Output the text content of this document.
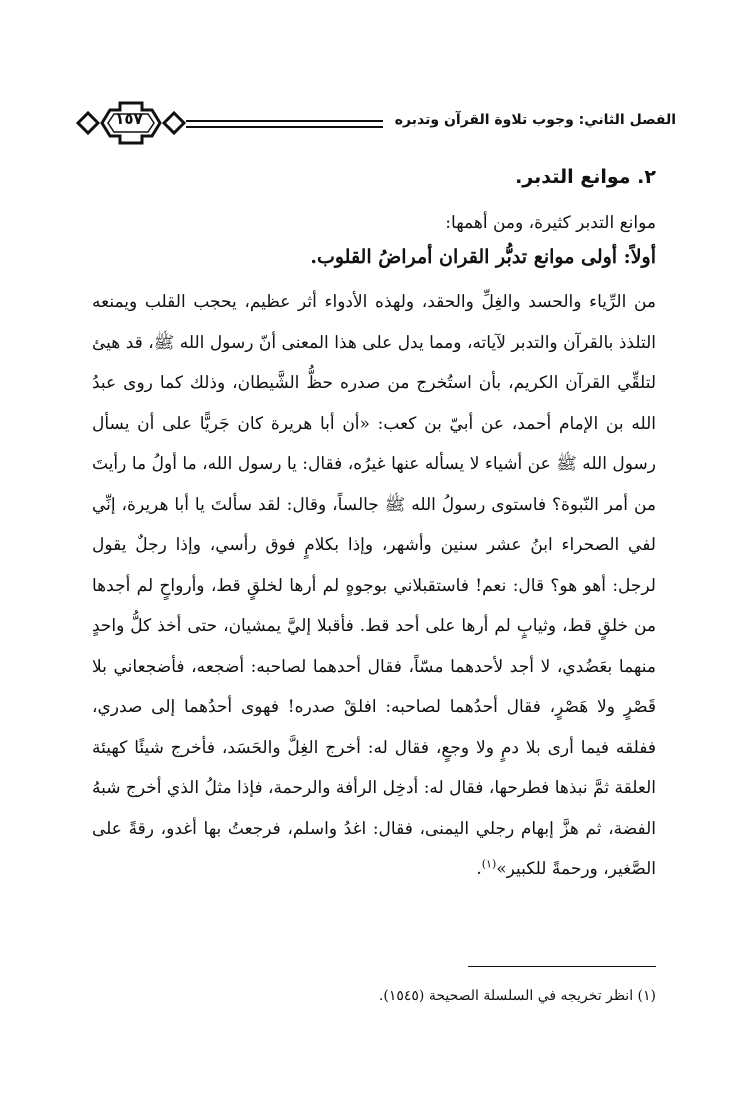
١٥٧	الفصل الثاني: وجوب تلاوة القرآن وتدبره
٢. موانع التدبر.

موانع التدبر كثيرة، ومن أهمها:

أولاً: أولى موانع تدبُّر القران أمراضُ القلوب.

من الرِّياء والحسد والغِلِّ والحقد، ولهذه الأدواء أثر عظيم، يحجب القلب ويمنعه التلذذ بالقرآن والتدبر لآياته، ومما يدل على هذا المعنى أنّ رسول الله ﷺ، قد هيئ لتلقِّي القرآن الكريم، بأن استُخرج من صدره حظُّ الشَّيطان، وذلك كما روى عبدُ الله بن الإمام أحمد، عن أبيّ بن كعب: «أن أبا هريرة كان جَريًّا على أن يسأل رسول الله ﷺ عن أشياء لا يسأله عنها غيرُه، فقال: يا رسول الله، ما أولُ ما رأيتَ من أمر النّبوة؟ فاستوى رسولُ الله ﷺ جالساً، وقال: لقد سألتَ يا أبا هريرة، إنِّي لفي الصحراء ابنُ عشر سنين وأشهر، وإذا بكلامٍ فوق رأسي، وإذا رجلٌ يقول لرجل: أهو هو؟ قال: نعم! فاستقبلاني بوجوهٍ لم أرها لخلقٍ قط، وأرواحٍ لم أجدها من خلقٍ قط، وثيابٍ لم أرها على أحد قط. فأقبلا إليَّ يمشيان، حتى أخذ كلُّ واحدٍ منهما بعَضُدي، لا أجد لأحدهما مسّاً، فقال أحدهما لصاحبه: أضجعه، فأضجعاني بلا قَصْرٍ ولا هَصْرٍ، فقال أحدُهما لصاحبه: افلقْ صدره! فهوى أحدُهما إلى صدري، ففلقه فيما أرى بلا دمٍ ولا وجعٍ، فقال له: أخرج الغِلَّ والحَسَد، فأخرج شيئًا كهيئة العلقة ثمَّ نبذها فطرحها، فقال له: أدخِل الرأفة والرحمة، فإذا مثلُ الذي أخرج شبهُ الفضة، ثم هزَّ إبهام رجلي اليمنى، فقال: اغدُ واسلم، فرجعتُ بها أغدو، رقةً على الصَّغير، ورحمةً للكبير»$^{(١)}$.

(١) انظر تخريجه في السلسلة الصحيحة (١٥٤٥).
